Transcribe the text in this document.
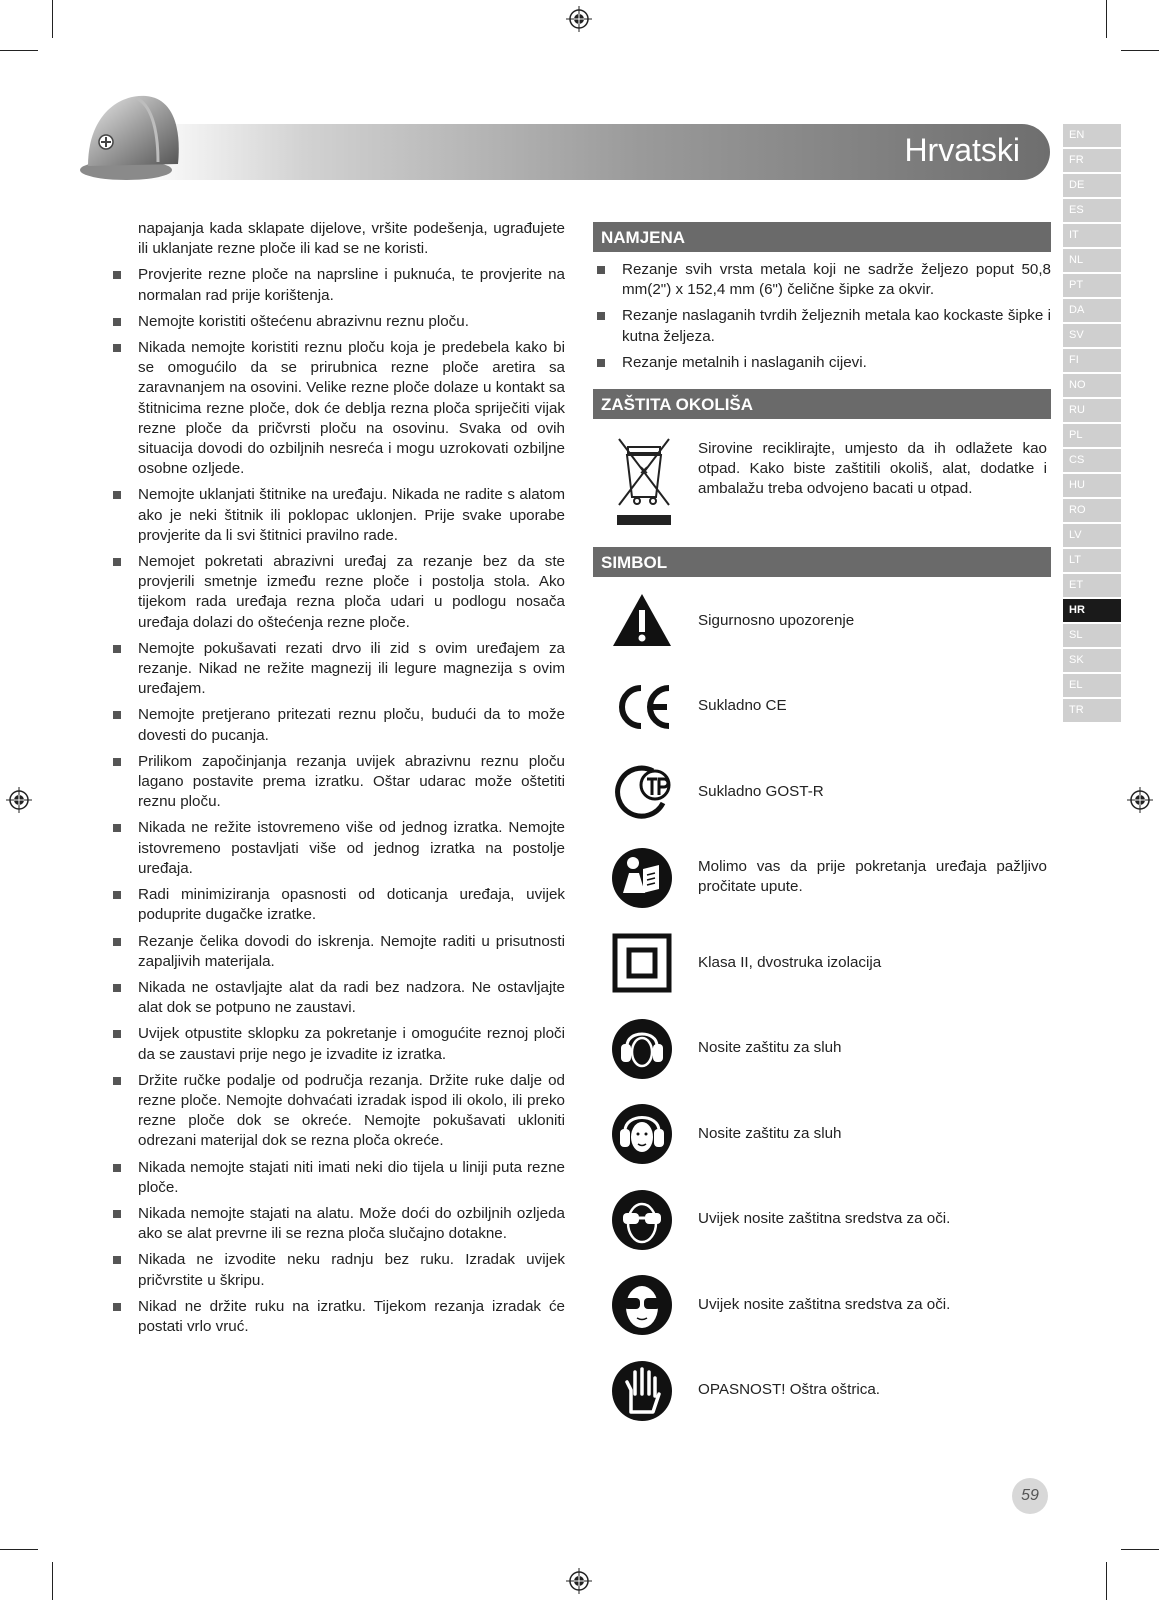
Hrvatski	EN
FR
DE
ES
IT
NL
PT
DA
SV
FI
NO
RU
PL
CS
HU
RO
LV
LT
ET
HR
SL
SK
EL
TR

napajanja kada sklapate dijelove, vršite podešenja, ugrađujete ili uklanjate rezne ploče ili kad se ne koristi.

Provjerite rezne ploče na naprsline i puknuća, te provjerite na normalan rad prije korištenja.
Nemojte koristiti oštećenu abrazivnu reznu ploču.
Nikada nemojte koristiti reznu ploču koja je predebela kako bi se omogućilo da se prirubnica rezne ploče aretira sa zaravnanjem na osovini. Velike rezne ploče dolaze u kontakt sa štitnicima rezne ploče, dok će deblja rezna ploča spriječiti vijak rezne ploče da pričvrsti ploču na osovinu. Svaka od ovih situacija dovodi do ozbiljnih nesreća i mogu uzrokovati ozbiljne osobne ozljede.
Nemojte uklanjati štitnike na uređaju. Nikada ne radite s alatom ako je neki štitnik ili poklopac uklonjen. Prije svake uporabe provjerite da li svi štitnici pravilno rade.
Nemojet pokretati abrazivni uređaj za rezanje bez da ste provjerili smetnje između rezne ploče i postolja stola. Ako tijekom rada uređaja rezna ploča udari u podlogu nosača uređaja dolazi do oštećenja rezne ploče.
Nemojte pokušavati rezati drvo ili zid s ovim uređajem za rezanje. Nikad ne režite magnezij ili legure magnezija s ovim uređajem.
Nemojte pretjerano pritezati reznu ploču, budući da to može dovesti do pucanja.
Prilikom započinjanja rezanja uvijek abrazivnu reznu ploču lagano postavite prema izratku. Oštar udarac može oštetiti reznu ploču.
Nikada ne režite istovremeno više od jednog izratka. Nemojte istovremeno postavljati više od jednog izratka na postolje uređaja.
Radi minimiziranja opasnosti od doticanja uređaja, uvijek poduprite dugačke izratke.
Rezanje čelika dovodi do iskrenja. Nemojte raditi u prisutnosti zapaljivih materijala.
Nikada ne ostavljajte alat da radi bez nadzora. Ne ostavljajte alat dok se potpuno ne zaustavi.
Uvijek otpustite sklopku za pokretanje i omogućite reznoj ploči da se zaustavi prije nego je izvadite iz izratka.
Držite ručke podalje od područja rezanja. Držite ruke dalje od rezne ploče. Nemojte dohvaćati izradak ispod ili okolo, ili preko rezne ploče dok se okreće. Nemojte pokušavati ukloniti odrezani materijal dok se rezna ploča okreće.
Nikada nemojte stajati niti imati neki dio tijela u liniji puta rezne ploče.
Nikada nemojte stajati na alatu. Može doći do ozbiljnih ozljeda ako se alat prevrne ili se rezna ploča slučajno dotakne.
Nikada ne izvodite neku radnju bez ruku. Izradak uvijek pričvrstite u škripu.
Nikad ne držite ruku na izratku. Tijekom rezanja izradak će postati vrlo vruć.
NAMJENA
Rezanje svih vrsta metala koji ne sadrže željezo poput 50,8 mm(2") x 152,4 mm (6") čelične šipke za okvir.
Rezanje naslaganih tvrdih željeznih metala kao kockaste šipke i kutna željeza.
Rezanje metalnih i naslaganih cijevi.
ZAŠTITA OKOLIŠA
Sirovine reciklirajte, umjesto da ih odlažete kao otpad. Kako biste zaštitili okoliš, alat, dodatke i ambalažu treba odvojeno bacati u otpad.
SIMBOL
Sigurnosno upozorenje
Sukladno CE
Sukladno GOST-R
Molimo vas da prije pokretanja uređaja pažljivo pročitate upute.
Klasa II, dvostruka izolacija
Nosite zaštitu za sluh
Nosite zaštitu za sluh
Uvijek nosite zaštitna sredstva za oči.
Uvijek nosite zaštitna sredstva za oči.
OPASNOST! Oštra oštrica.
59
